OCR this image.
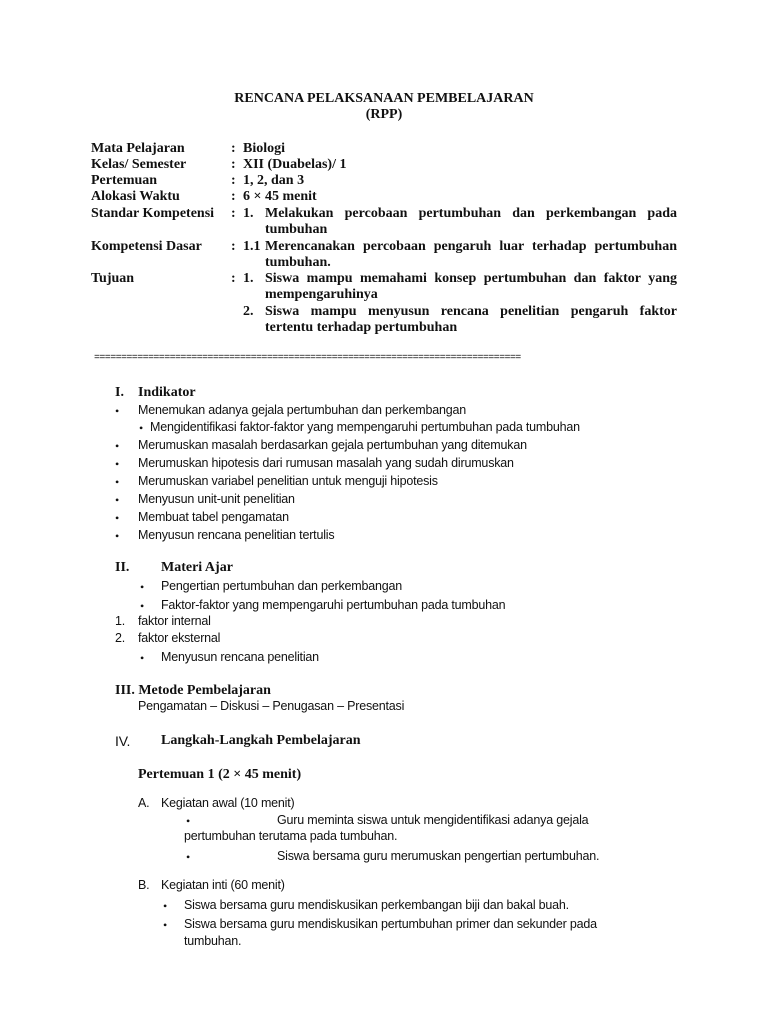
RENCANA PELAKSANAAN PEMBELAJARAN
(RPP)
Mata Pelajaran	: Biologi
Kelas/ Semester	: XII (Duabelas)/ 1
Pertemuan	: 1, 2, dan 3
Alokasi Waktu	: 6 × 45 menit
Standar Kompetensi : 1. Melakukan percobaan pertumbuhan dan perkembangan pada
tumbuhan
Kompetensi Dasar : 1.1 Merencanakan percobaan pengaruh luar terhadap pertumbuhan
tumbuhan.
Tujuan	: 1. Siswa mampu memahami konsep pertumbuhan dan faktor yang
mempengaruhinya
2. Siswa mampu menyusun rencana penelitian pengaruh faktor
tertentu terhadap pertumbuhan
===============================================================================
I. Indikator
• Menemukan adanya gejala pertumbuhan dan perkembangan
• Mengidentifikasi faktor-faktor yang mempengaruhi pertumbuhan pada tumbuhan
• Merumuskan masalah berdasarkan gejala pertumbuhan yang ditemukan
• Merumuskan hipotesis dari rumusan masalah yang sudah dirumuskan
• Merumuskan variabel penelitian untuk menguji hipotesis
• Menyusun unit-unit penelitian
• Membuat tabel pengamatan
• Menyusun rencana penelitian tertulis
II. Materi Ajar
• Pengertian pertumbuhan dan perkembangan
• Faktor-faktor yang mempengaruhi pertumbuhan pada tumbuhan
1. faktor internal
2. faktor eksternal
• Menyusun rencana penelitian
III. Metode Pembelajaran
Pengamatan – Diskusi – Penugasan – Presentasi
IV. Langkah-Langkah Pembelajaran
Pertemuan 1 (2 × 45 menit)
A. Kegiatan awal (10 menit)
•	Guru meminta siswa untuk mengidentifikasi adanya gejala
pertumbuhan terutama pada tumbuhan.
•	Siswa bersama guru merumuskan pengertian pertumbuhan.
B. Kegiatan inti (60 menit)
• Siswa bersama guru mendiskusikan perkembangan biji dan bakal buah.
• Siswa bersama guru mendiskusikan pertumbuhan primer dan sekunder pada
tumbuhan.
